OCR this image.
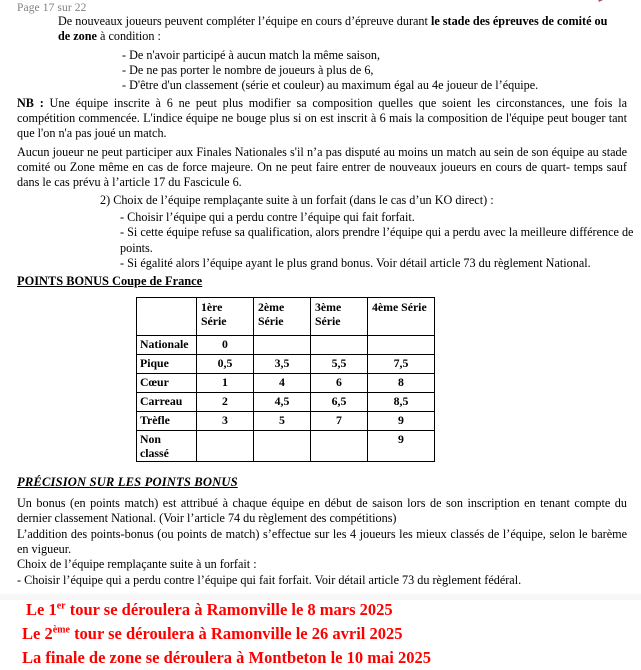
Page 17 sur 22

De nouveaux joueurs peuvent compléter l’équipe en cours d’épreuve durant le stade des épreuves de comité ou de zone à condition :

- De n'avoir participé à aucun match la même saison,

- De ne pas porter le nombre de joueurs à plus de 6,

- D'être d'un classement (série et couleur) au maximum égal au 4e joueur de l’équipe.

NB : Une équipe inscrite à 6 ne peut plus modifier sa composition quelles que soient les circonstances, une fois la compétition commencée. L'indice équipe ne bouge plus si on est inscrit à 6 mais la composition de l'équipe peut bouger tant que l'on n'a pas joué un match.

Aucun joueur ne peut participer aux Finales Nationales s'il n’a pas disputé au moins un match au sein de son équipe au stade comité ou Zone même en cas de force majeure. On ne peut faire entrer de nouveaux joueurs en cours de quart- temps sauf dans le cas prévu à l’article 17 du Fascicule 6.

2) Choix de l’équipe remplaçante suite à un forfait (dans le cas d’un KO direct) :

- Choisir l’équipe qui a perdu contre l’équipe qui fait forfait.

- Si cette équipe refuse sa qualification, alors prendre l’équipe qui a perdu avec la meilleure différence de points.

- Si égalité alors l’équipe ayant le plus grand bonus. Voir détail article 73 du règlement National.

POINTS BONUS Coupe de France

	1ère Série	2ème Série	3ème Série	4ème Série
Nationale	0			
Pique	0,5	3,5	5,5	7,5
Cœur	1	4	6	8
Carreau	2	4,5	6,5	8,5
Trèfle	3	5	7	9
Non classé				9

PRÉCISION SUR LES POINTS BONUS

Un bonus (en points match) est attribué à chaque équipe en début de saison lors de son inscription en tenant compte du dernier classement National. (Voir l’article 74 du règlement des compétitions)

L’addition des points-bonus (ou points de match) s’effectue sur les 4 joueurs les mieux classés de l’équipe, selon le barème en vigueur.

Choix de l’équipe remplaçante suite à un forfait :

- Choisir l’équipe qui a perdu contre l’équipe qui fait forfait. Voir détail article 73 du règlement fédéral.

Le 1er tour se déroulera à Ramonville le 8 mars 2025

Le 2ème tour se déroulera à Ramonville le 26 avril 2025

La finale de zone se déroulera à Montbeton le 10 mai 2025
